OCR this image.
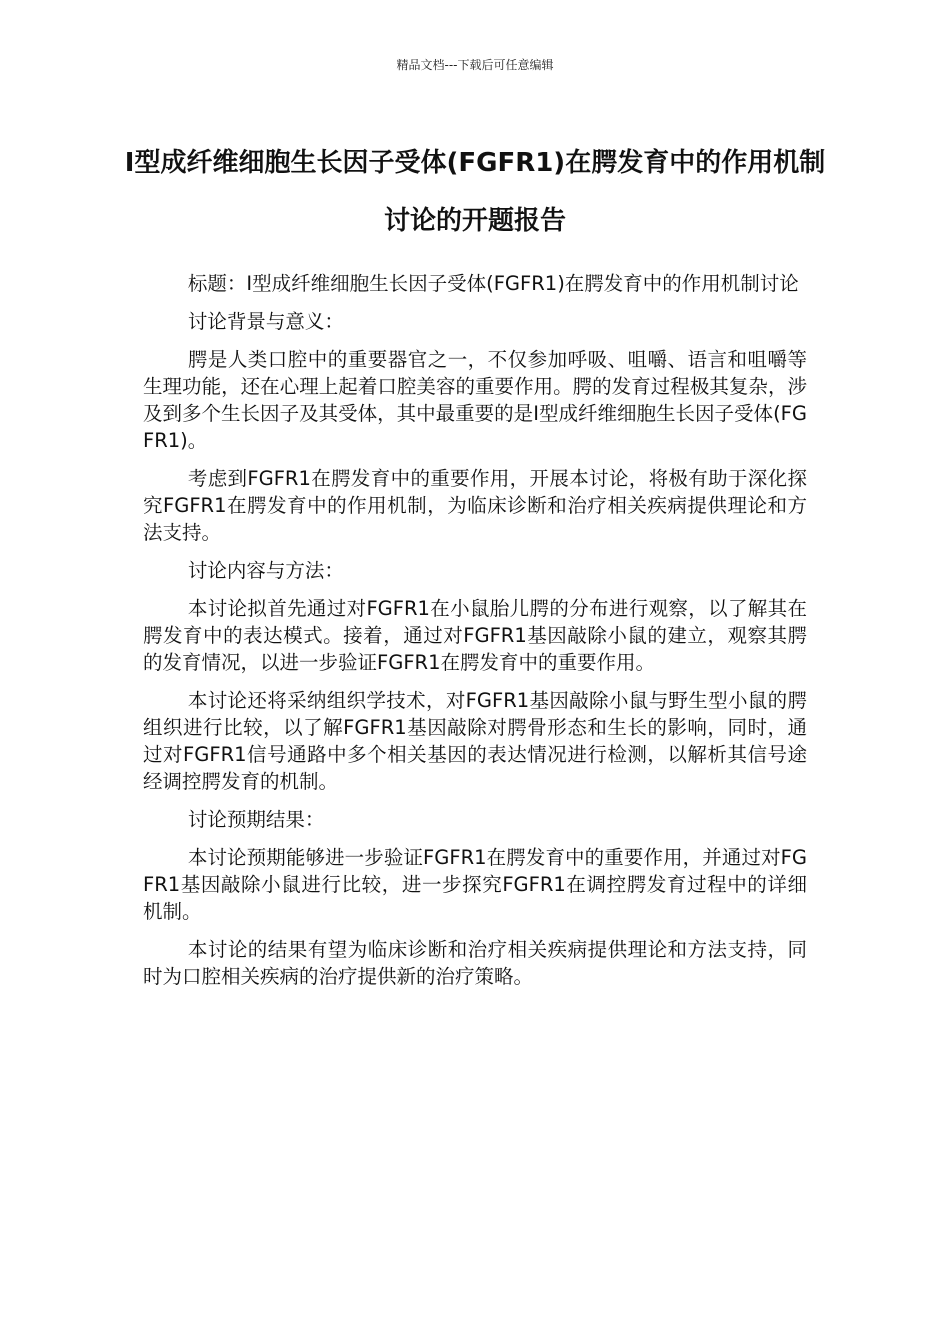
精品文档---下载后可任意编辑
I型成纤维细胞生长因子受体(FGFR1)在腭发育中的作用机制讨论的开题报告

标题：I型成纤维细胞生长因子受体(FGFR1)在腭发育中的作用机制讨论

讨论背景与意义：

腭是人类口腔中的重要器官之一，不仅参加呼吸、咀嚼、语言和咀嚼等生理功能，还在心理上起着口腔美容的重要作用。腭的发育过程极其复杂，涉及到多个生长因子及其受体，其中最重要的是I型成纤维细胞生长因子受体(FGFR1)。

考虑到FGFR1在腭发育中的重要作用，开展本讨论，将极有助于深化探究FGFR1在腭发育中的作用机制，为临床诊断和治疗相关疾病提供理论和方法支持。

讨论内容与方法：

本讨论拟首先通过对FGFR1在小鼠胎儿腭的分布进行观察，以了解其在腭发育中的表达模式。接着，通过对FGFR1基因敲除小鼠的建立，观察其腭的发育情况，以进一步验证FGFR1在腭发育中的重要作用。

本讨论还将采纳组织学技术，对FGFR1基因敲除小鼠与野生型小鼠的腭组织进行比较，以了解FGFR1基因敲除对腭骨形态和生长的影响，同时，通过对FGFR1信号通路中多个相关基因的表达情况进行检测，以解析其信号途经调控腭发育的机制。

讨论预期结果：

本讨论预期能够进一步验证FGFR1在腭发育中的重要作用，并通过对FGFR1基因敲除小鼠进行比较，进一步探究FGFR1在调控腭发育过程中的详细机制。

本讨论的结果有望为临床诊断和治疗相关疾病提供理论和方法支持，同时为口腔相关疾病的治疗提供新的治疗策略。
